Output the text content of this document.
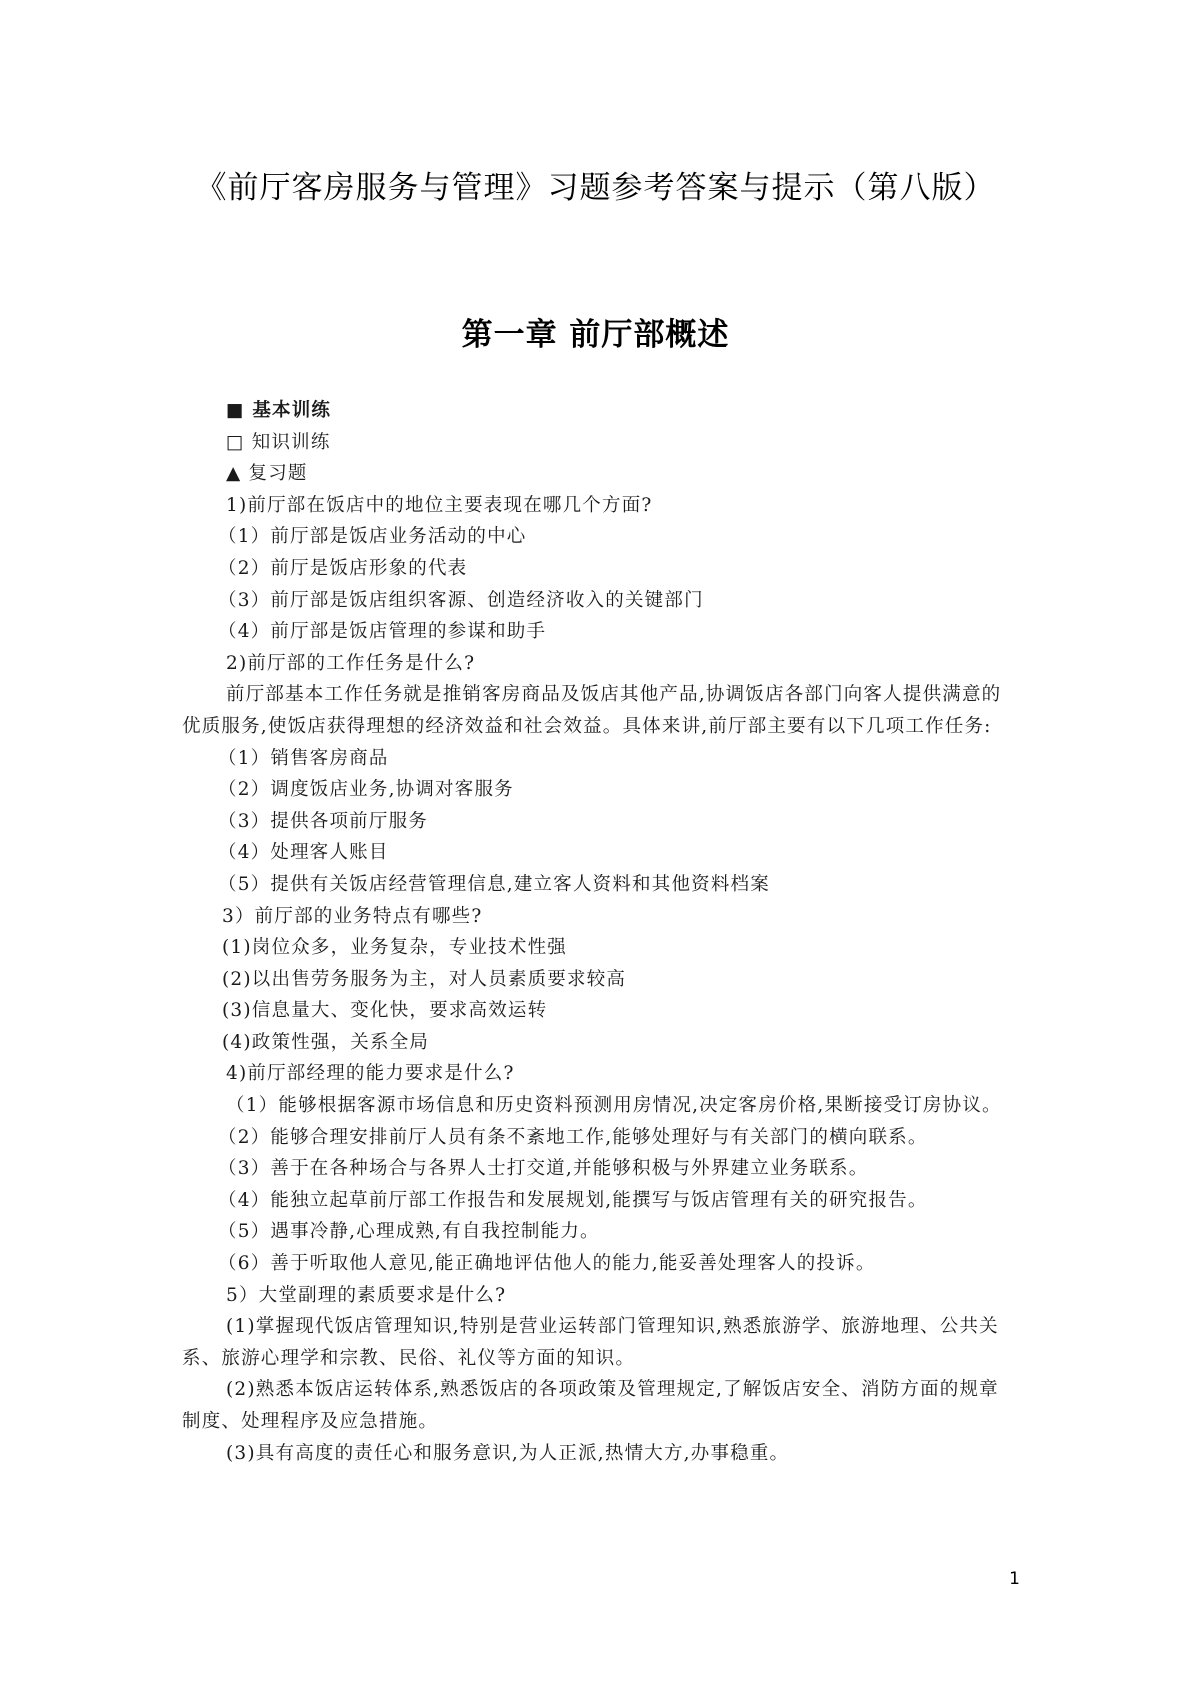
《前厅客房服务与管理》习题参考答案与提示（第八版）
第一章 前厅部概述
■ 基本训练
□ 知识训练
▲ 复习题
1)前厅部在饭店中的地位主要表现在哪几个方面?
（1）前厅部是饭店业务活动的中心
（2）前厅是饭店形象的代表
（3）前厅部是饭店组织客源、创造经济收入的关键部门
（4）前厅部是饭店管理的参谋和助手
2)前厅部的工作任务是什么?
前厅部基本工作任务就是推销客房商品及饭店其他产品,协调饭店各部门向客人提供满意的优质服务,使饭店获得理想的经济效益和社会效益。具体来讲,前厅部主要有以下几项工作任务:
（1）销售客房商品
（2）调度饭店业务,协调对客服务
（3）提供各项前厅服务
（4）处理客人账目
（5）提供有关饭店经营管理信息,建立客人资料和其他资料档案
3）前厅部的业务特点有哪些?
(1)岗位众多，业务复杂，专业技术性强
(2)以出售劳务服务为主，对人员素质要求较高
(3)信息量大、变化快，要求高效运转
(4)政策性强，关系全局
4)前厅部经理的能力要求是什么?
（1）能够根据客源市场信息和历史资料预测用房情况,决定客房价格,果断接受订房协议。
（2）能够合理安排前厅人员有条不紊地工作,能够处理好与有关部门的横向联系。
（3）善于在各种场合与各界人士打交道,并能够积极与外界建立业务联系。
（4）能独立起草前厅部工作报告和发展规划,能撰写与饭店管理有关的研究报告。
（5）遇事冷静,心理成熟,有自我控制能力。
（6）善于听取他人意见,能正确地评估他人的能力,能妥善处理客人的投诉。
5）大堂副理的素质要求是什么?
(1)掌握现代饭店管理知识,特别是营业运转部门管理知识,熟悉旅游学、旅游地理、公共关系、旅游心理学和宗教、民俗、礼仪等方面的知识。
(2)熟悉本饭店运转体系,熟悉饭店的各项政策及管理规定,了解饭店安全、消防方面的规章制度、处理程序及应急措施。
(3)具有高度的责任心和服务意识,为人正派,热情大方,办事稳重。
1
